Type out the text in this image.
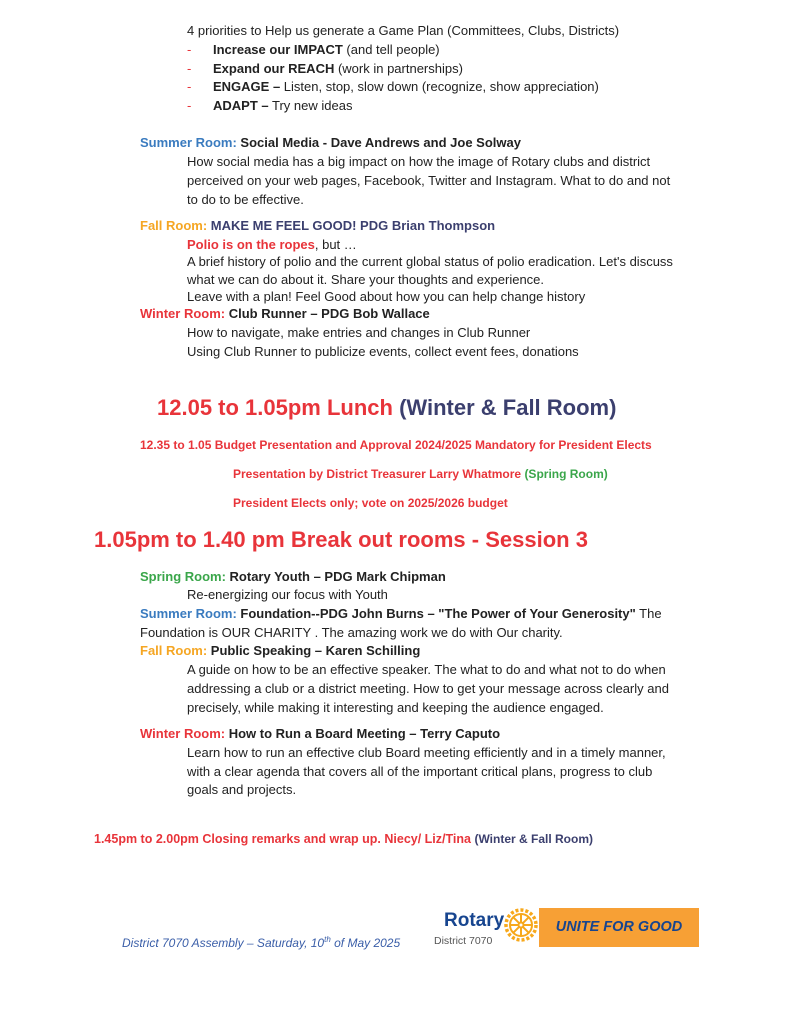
4 priorities to Help us generate a Game Plan (Committees, Clubs, Districts)
- Increase our IMPACT (and tell people)
- Expand our REACH (work in partnerships)
- ENGAGE – Listen, stop, slow down (recognize, show appreciation)
- ADAPT – Try new ideas
Summer Room: Social Media - Dave Andrews and Joe Solway
How social media has a big impact on how the image of Rotary clubs and district
perceived on your web pages, Facebook, Twitter and Instagram. What to do and not
to do to be effective.
Fall Room: MAKE ME FEEL GOOD! PDG Brian Thompson
Polio is on the ropes, but …
A brief history of polio and the current global status of polio eradication. Let's discuss
what we can do about it. Share your thoughts and experience.
Leave with a plan! Feel Good about how you can help change history
Winter Room: Club Runner – PDG Bob Wallace
How to navigate, make entries and changes in Club Runner
Using Club Runner to publicize events, collect event fees, donations
12.05 to 1.05pm Lunch (Winter & Fall Room)
12.35 to 1.05 Budget Presentation and Approval 2024/2025 Mandatory for President Elects
Presentation by District Treasurer Larry Whatmore (Spring Room)
President Elects only; vote on 2025/2026 budget
1.05pm to 1.40 pm Break out rooms - Session 3
Spring Room: Rotary Youth – PDG Mark Chipman
Re-energizing our focus with Youth
Summer Room: Foundation--PDG John Burns – "The Power of Your Generosity" The
Foundation is OUR CHARITY . The amazing work we do with Our charity.
Fall Room: Public Speaking – Karen Schilling
A guide on how to be an effective speaker. The what to do and what not to do when
addressing a club or a district meeting. How to get your message across clearly and
precisely, while making it interesting and keeping the audience engaged.
Winter Room: How to Run a Board Meeting – Terry Caputo
Learn how to run an effective club Board meeting efficiently and in a timely manner,
with a clear agenda that covers all of the important critical plans, progress to club
goals and projects.
1.45pm to 2.00pm Closing remarks and wrap up. Niecy/ Liz/Tina (Winter & Fall Room)
District 7070 Assembly – Saturday, 10th of May 2025
Rotary
District 7070
UNITE FOR GOOD
